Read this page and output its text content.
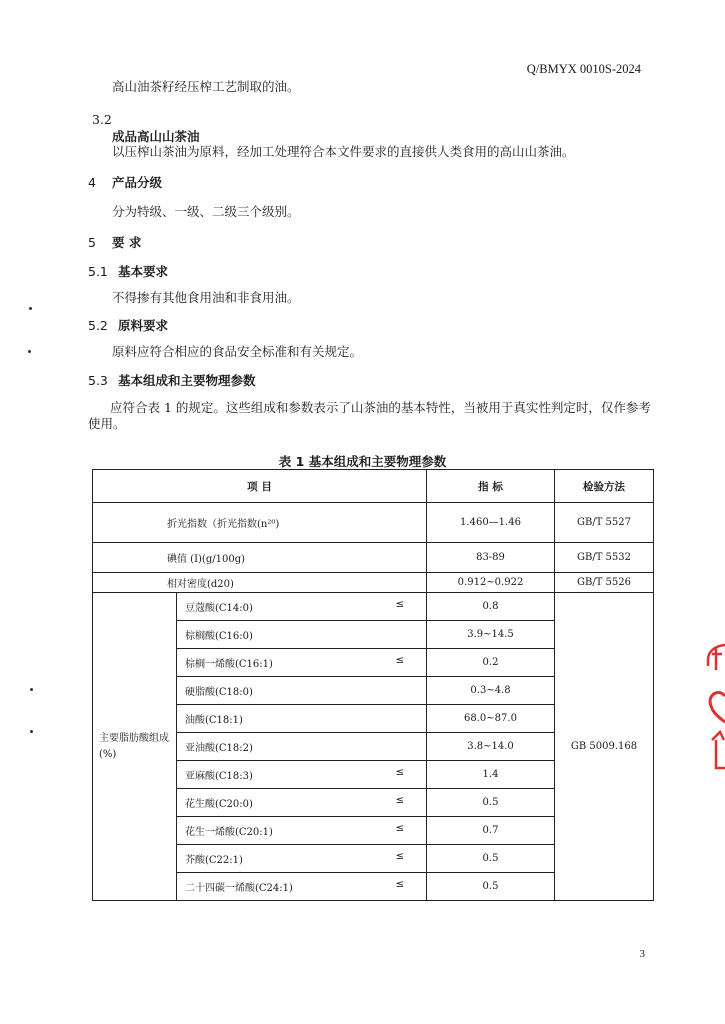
Q/BMYX 0010S-2024
高山油茶籽经压榨工艺制取的油。
3.2
成品高山山茶油
以压榨山茶油为原料，经加工处理符合本文件要求的直接供人类食用的高山山茶油。
4 产品分级
分为特级、一级、二级三个级别。
5 要 求
5.1 基本要求
不得掺有其他食用油和非食用油。
5.2 原料要求
原料应符合相应的食品安全标准和有关规定。
5.3 基本组成和主要物理参数
应符合表 1 的规定。这些组成和参数表示了山茶油的基本特性，当被用于真实性判定时，仅作参考
使用。
表 1 基本组成和主要物理参数
项 目		指 标	检验方法
折光指数（折光指数(n²⁰)		1.460—1.46	GB/T 5527
碘值 (I)(g/100g)		83-89	GB/T 5532
相对密度(d20)		0.912~0.922	GB/T 5526
主要脂肪酸组成(%)	豆蔻酸(C14:0) ≤	0.8	GB 5009.168
	棕榈酸(C16:0)	3.9~14.5	
	棕榈一烯酸(C16:1) ≤	0.2	
	硬脂酸(C18:0)	0.3~4.8	
	油酸(C18:1)	68.0~87.0	
	亚油酸(C18:2)	3.8~14.0	
	亚麻酸(C18:3) ≤	1.4	
	花生酸(C20:0) ≤	0.5	
	花生一烯酸(C20:1) ≤	0.7	
	芥酸(C22:1) ≤	0.5	
	二十四碳一烯酸(C24:1) ≤	0.5	
3
